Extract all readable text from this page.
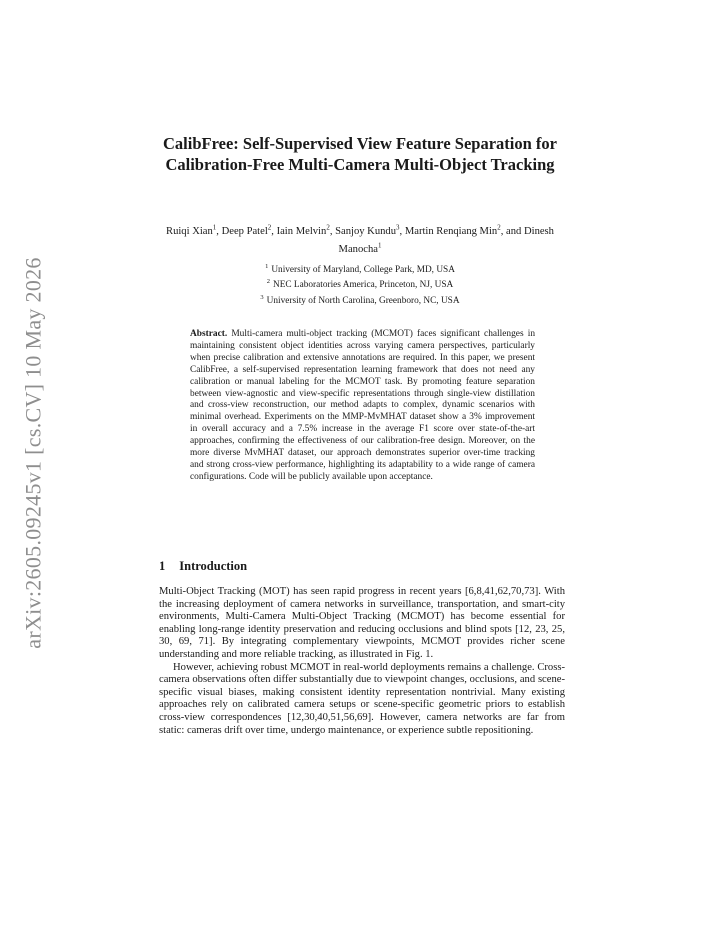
arXiv:2605.09245v1 [cs.CV] 10 May 2026
CalibFree: Self-Supervised View Feature Separation for Calibration-Free Multi-Camera Multi-Object Tracking
Ruiqi Xian$^1$, Deep Patel$^2$, Iain Melvin$^2$, Sanjoy Kundu$^3$, Martin Renqiang Min$^2$, and Dinesh Manocha$^1$
$^1$ University of Maryland, College Park, MD, USA
$^2$ NEC Laboratories America, Princeton, NJ, USA
$^3$ University of North Carolina, Greenboro, NC, USA
Abstract. Multi-camera multi-object tracking (MCMOT) faces significant challenges in maintaining consistent object identities across varying camera perspectives, particularly when precise calibration and extensive annotations are required. In this paper, we present CalibFree, a self-supervised representation learning framework that does not need any calibration or manual labeling for the MCMOT task. By promoting feature separation between view-agnostic and view-specific representations through single-view distillation and cross-view reconstruction, our method adapts to complex, dynamic scenarios with minimal overhead. Experiments on the MMP-MvMHAT dataset show a 3% improvement in overall accuracy and a 7.5% increase in the average F1 score over state-of-the-art approaches, confirming the effectiveness of our calibration-free design. Moreover, on the more diverse MvMHAT dataset, our approach demonstrates superior over-time tracking and strong cross-view performance, highlighting its adaptability to a wide range of camera configurations. Code will be publicly available upon acceptance.
1 Introduction

Multi-Object Tracking (MOT) has seen rapid progress in recent years [6,8,41,62,70,73]. With the increasing deployment of camera networks in surveillance, transportation, and smart-city environments, Multi-Camera Multi-Object Tracking (MCMOT) has become essential for enabling long-range identity preservation and reducing occlusions and blind spots [12, 23, 25, 30, 69, 71]. By integrating complementary viewpoints, MCMOT provides richer scene understanding and more reliable tracking, as illustrated in Fig. 1.

However, achieving robust MCMOT in real-world deployments remains a challenge. Cross-camera observations often differ substantially due to viewpoint changes, occlusions, and scene-specific visual biases, making consistent identity representation nontrivial. Many existing approaches rely on calibrated camera setups or scene-specific geometric priors to establish cross-view correspondences [12,30,40,51,56,69]. However, camera networks are far from static: cameras drift over time, undergo maintenance, or experience subtle repositioning.
